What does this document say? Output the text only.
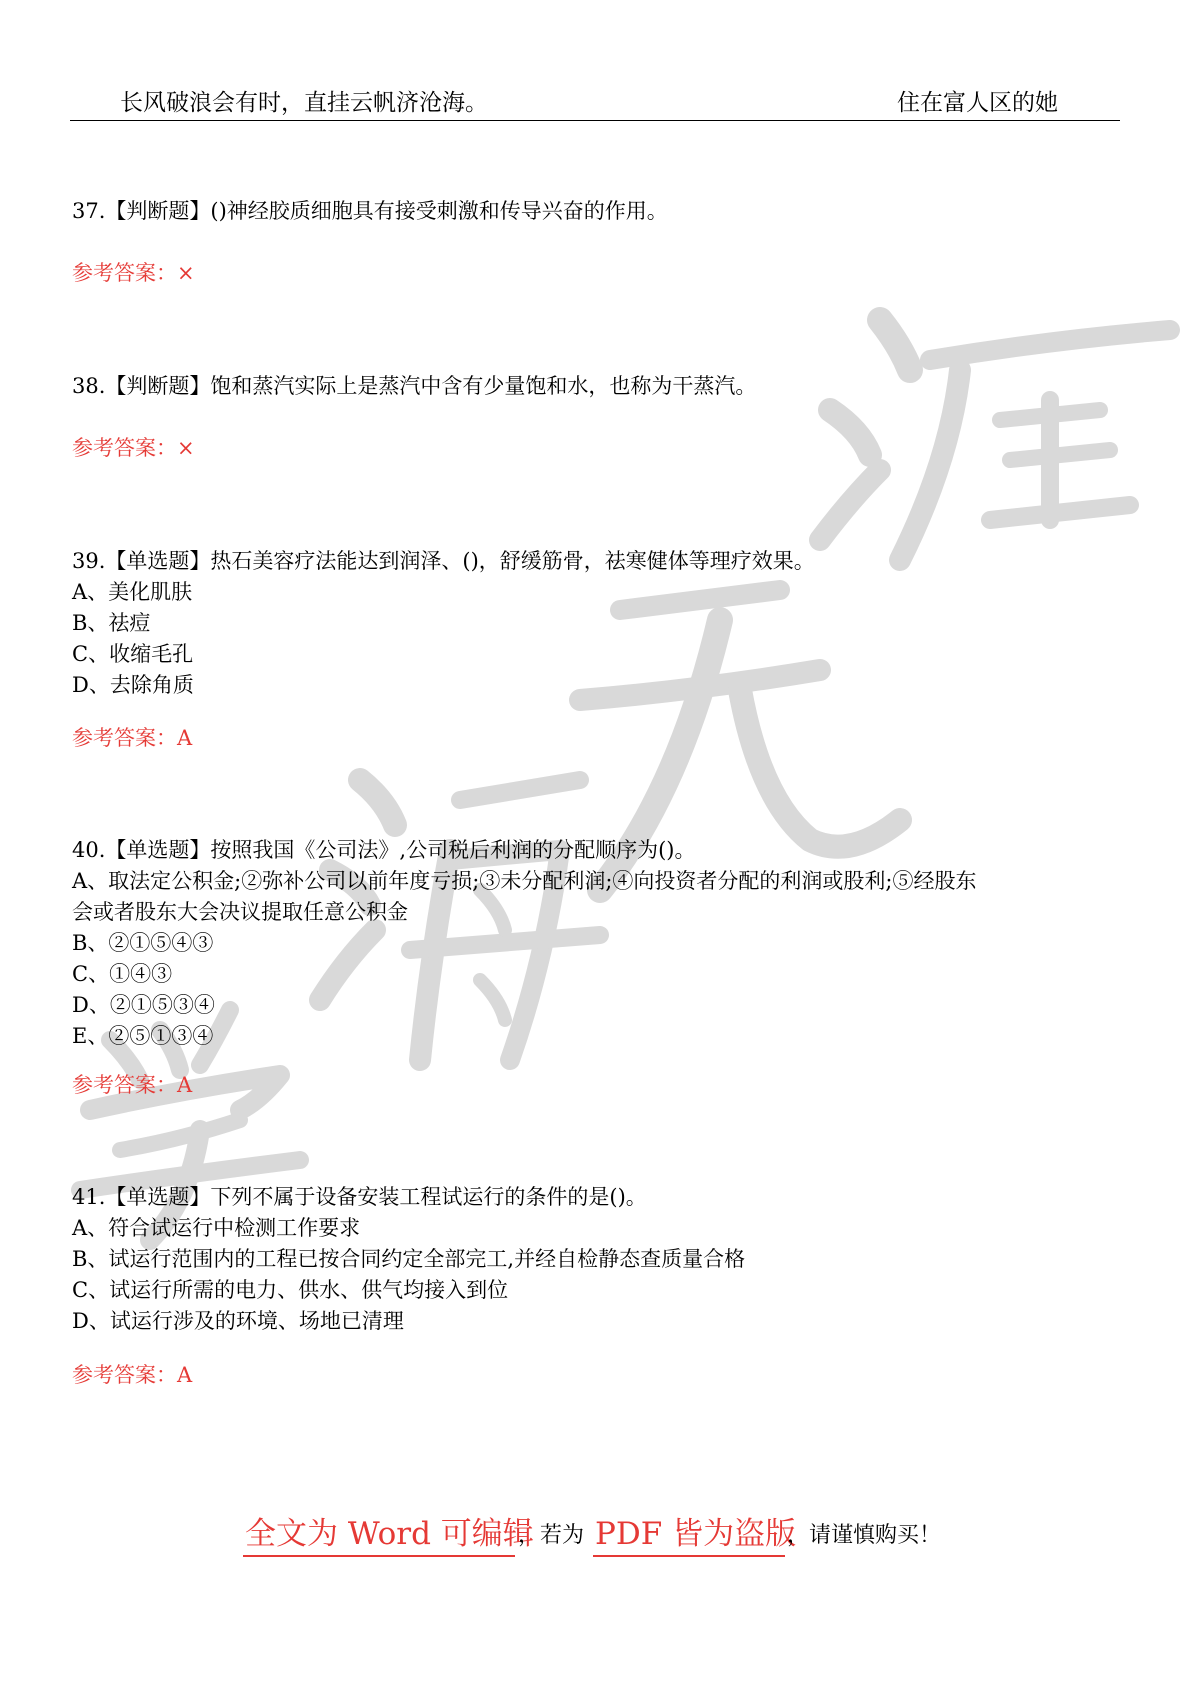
长风破浪会有时，直挂云帆济沧海。	住在富人区的她
37.【判断题】()神经胶质细胞具有接受刺激和传导兴奋的作用。
参考答案：×
38.【判断题】饱和蒸汽实际上是蒸汽中含有少量饱和水，也称为干蒸汽。
参考答案：×
39.【单选题】热石美容疗法能达到润泽、()，舒缓筋骨，祛寒健体等理疗效果。
A、美化肌肤
B、祛痘
C、收缩毛孔
D、去除角质
参考答案：A
40.【单选题】按照我国《公司法》,公司税后利润的分配顺序为()。
A、取法定公积金;②弥补公司以前年度亏损;③未分配利润;④向投资者分配的利润或股利;⑤经股东
会或者股东大会决议提取任意公积金
B、②①⑤④③
C、①④③
D、②①⑤③④
E、②⑤①③④
参考答案：A
41.【单选题】下列不属于设备安装工程试运行的条件的是()。
A、符合试运行中检测工作要求
B、试运行范围内的工程已按合同约定全部完工,并经自检静态查质量合格
C、试运行所需的电力、供水、供气均接入到位
D、试运行涉及的环境、场地已清理
参考答案：A
全文为 Word 可编辑
，若为 PDF 皆为盗版
，请谨慎购买！
